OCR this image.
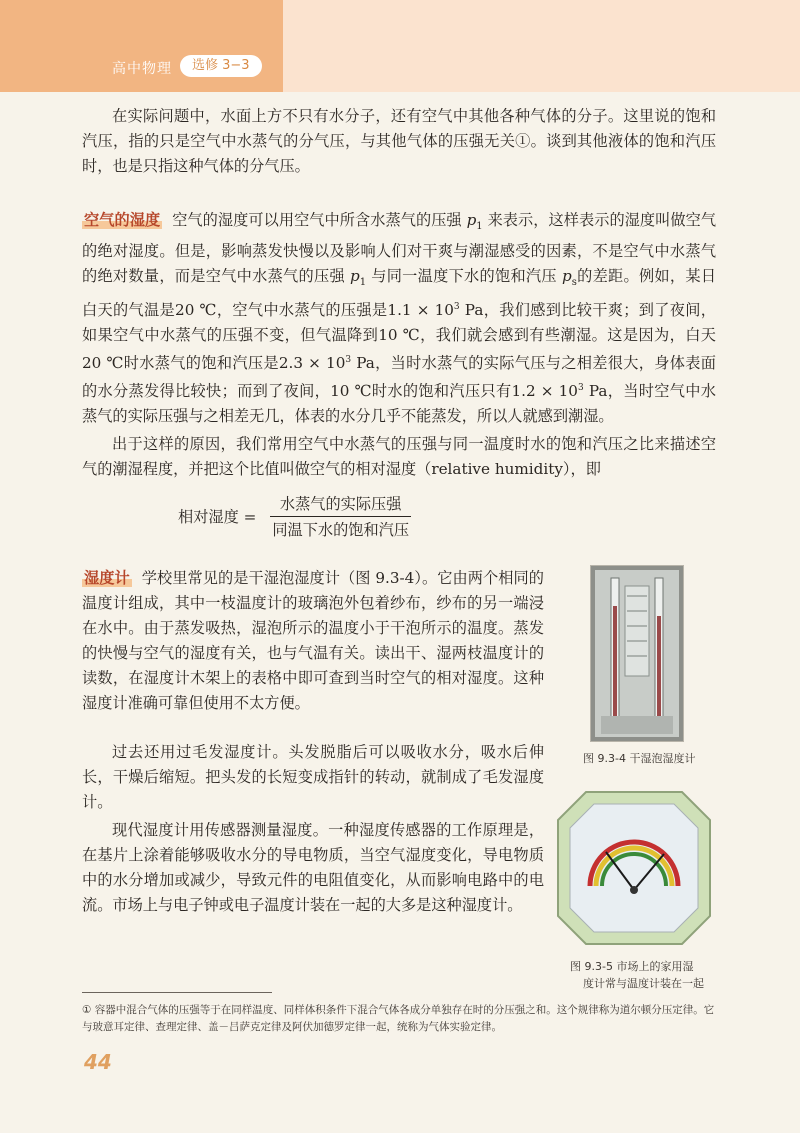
高中物理	选修 3−3

在实际问题中，水面上方不只有水分子，还有空气中其他各种气体的分子。这里说的饱和汽压，指的只是空气中水蒸气的分气压，与其他气体的压强无关①。谈到其他液体的饱和汽压时，也是只指这种气体的分气压。

空气的湿度 空气的湿度可以用空气中所含水蒸气的压强 $p_1$ 来表示，这样表示的湿度叫做空气的绝对湿度。但是，影响蒸发快慢以及影响人们对干爽与潮湿感受的因素，不是空气中水蒸气的绝对数量，而是空气中水蒸气的压强 $p_1$ 与同一温度下水的饱和汽压 $p_s$的差距。例如，某日白天的气温是20 ℃，空气中水蒸气的压强是$1.1 \times 10^3$ Pa，我们感到比较干爽；到了夜间，如果空气中水蒸气的压强不变，但气温降到10 ℃，我们就会感到有些潮湿。这是因为，白天20 ℃时水蒸气的饱和汽压是$2.3 \times 10^3$ Pa，当时水蒸气的实际气压与之相差很大，身体表面的水分蒸发得比较快；而到了夜间，10 ℃时水的饱和汽压只有$1.2 \times 10^3$ Pa，当时空气中水蒸气的实际压强与之相差无几，体表的水分几乎不能蒸发，所以人就感到潮湿。

出于这样的原因，我们常用空气中水蒸气的压强与同一温度时水的饱和汽压之比来描述空气的潮湿程度，并把这个比值叫做空气的相对湿度（relative humidity），即

相对湿度 = $\frac{\text{水蒸气的实际压强}}{\text{同温下水的饱和汽压}}$

湿度计 学校里常见的是干湿泡湿度计（图 9.3-4）。它由两个相同的温度计组成，其中一枝温度计的玻璃泡外包着纱布，纱布的另一端浸在水中。由于蒸发吸热，湿泡所示的温度小于干泡所示的温度。蒸发的快慢与空气的湿度有关，也与气温有关。读出干、湿两枝温度计的读数，在湿度计木架上的表格中即可查到当时空气的相对湿度。这种湿度计准确可靠但使用不太方便。

过去还用过毛发湿度计。头发脱脂后可以吸收水分，吸水后伸长，干燥后缩短。把头发的长短变成指针的转动，就制成了毛发湿度计。

现代湿度计用传感器测量湿度。一种湿度传感器的工作原理是，在基片上涂着能够吸收水分的导电物质，当空气湿度变化，导电物质中的水分增加或减少，导致元件的电阻值变化，从而影响电路中的电流。市场上与电子钟或电子温度计装在一起的大多是这种湿度计。

图 9.3-4 干湿泡湿度计
图 9.3-5 市场上的家用湿
度计常与温度计装在一起
① 容器中混合气体的压强等于在同样温度、同样体积条件下混合气体各成分单独存在时的分压强之和。这个规律称为道尔顿分压定律。它与玻意耳定律、查理定律、盖－吕萨克定律及阿伏加德罗定律一起，统称为气体实验定律。
44
